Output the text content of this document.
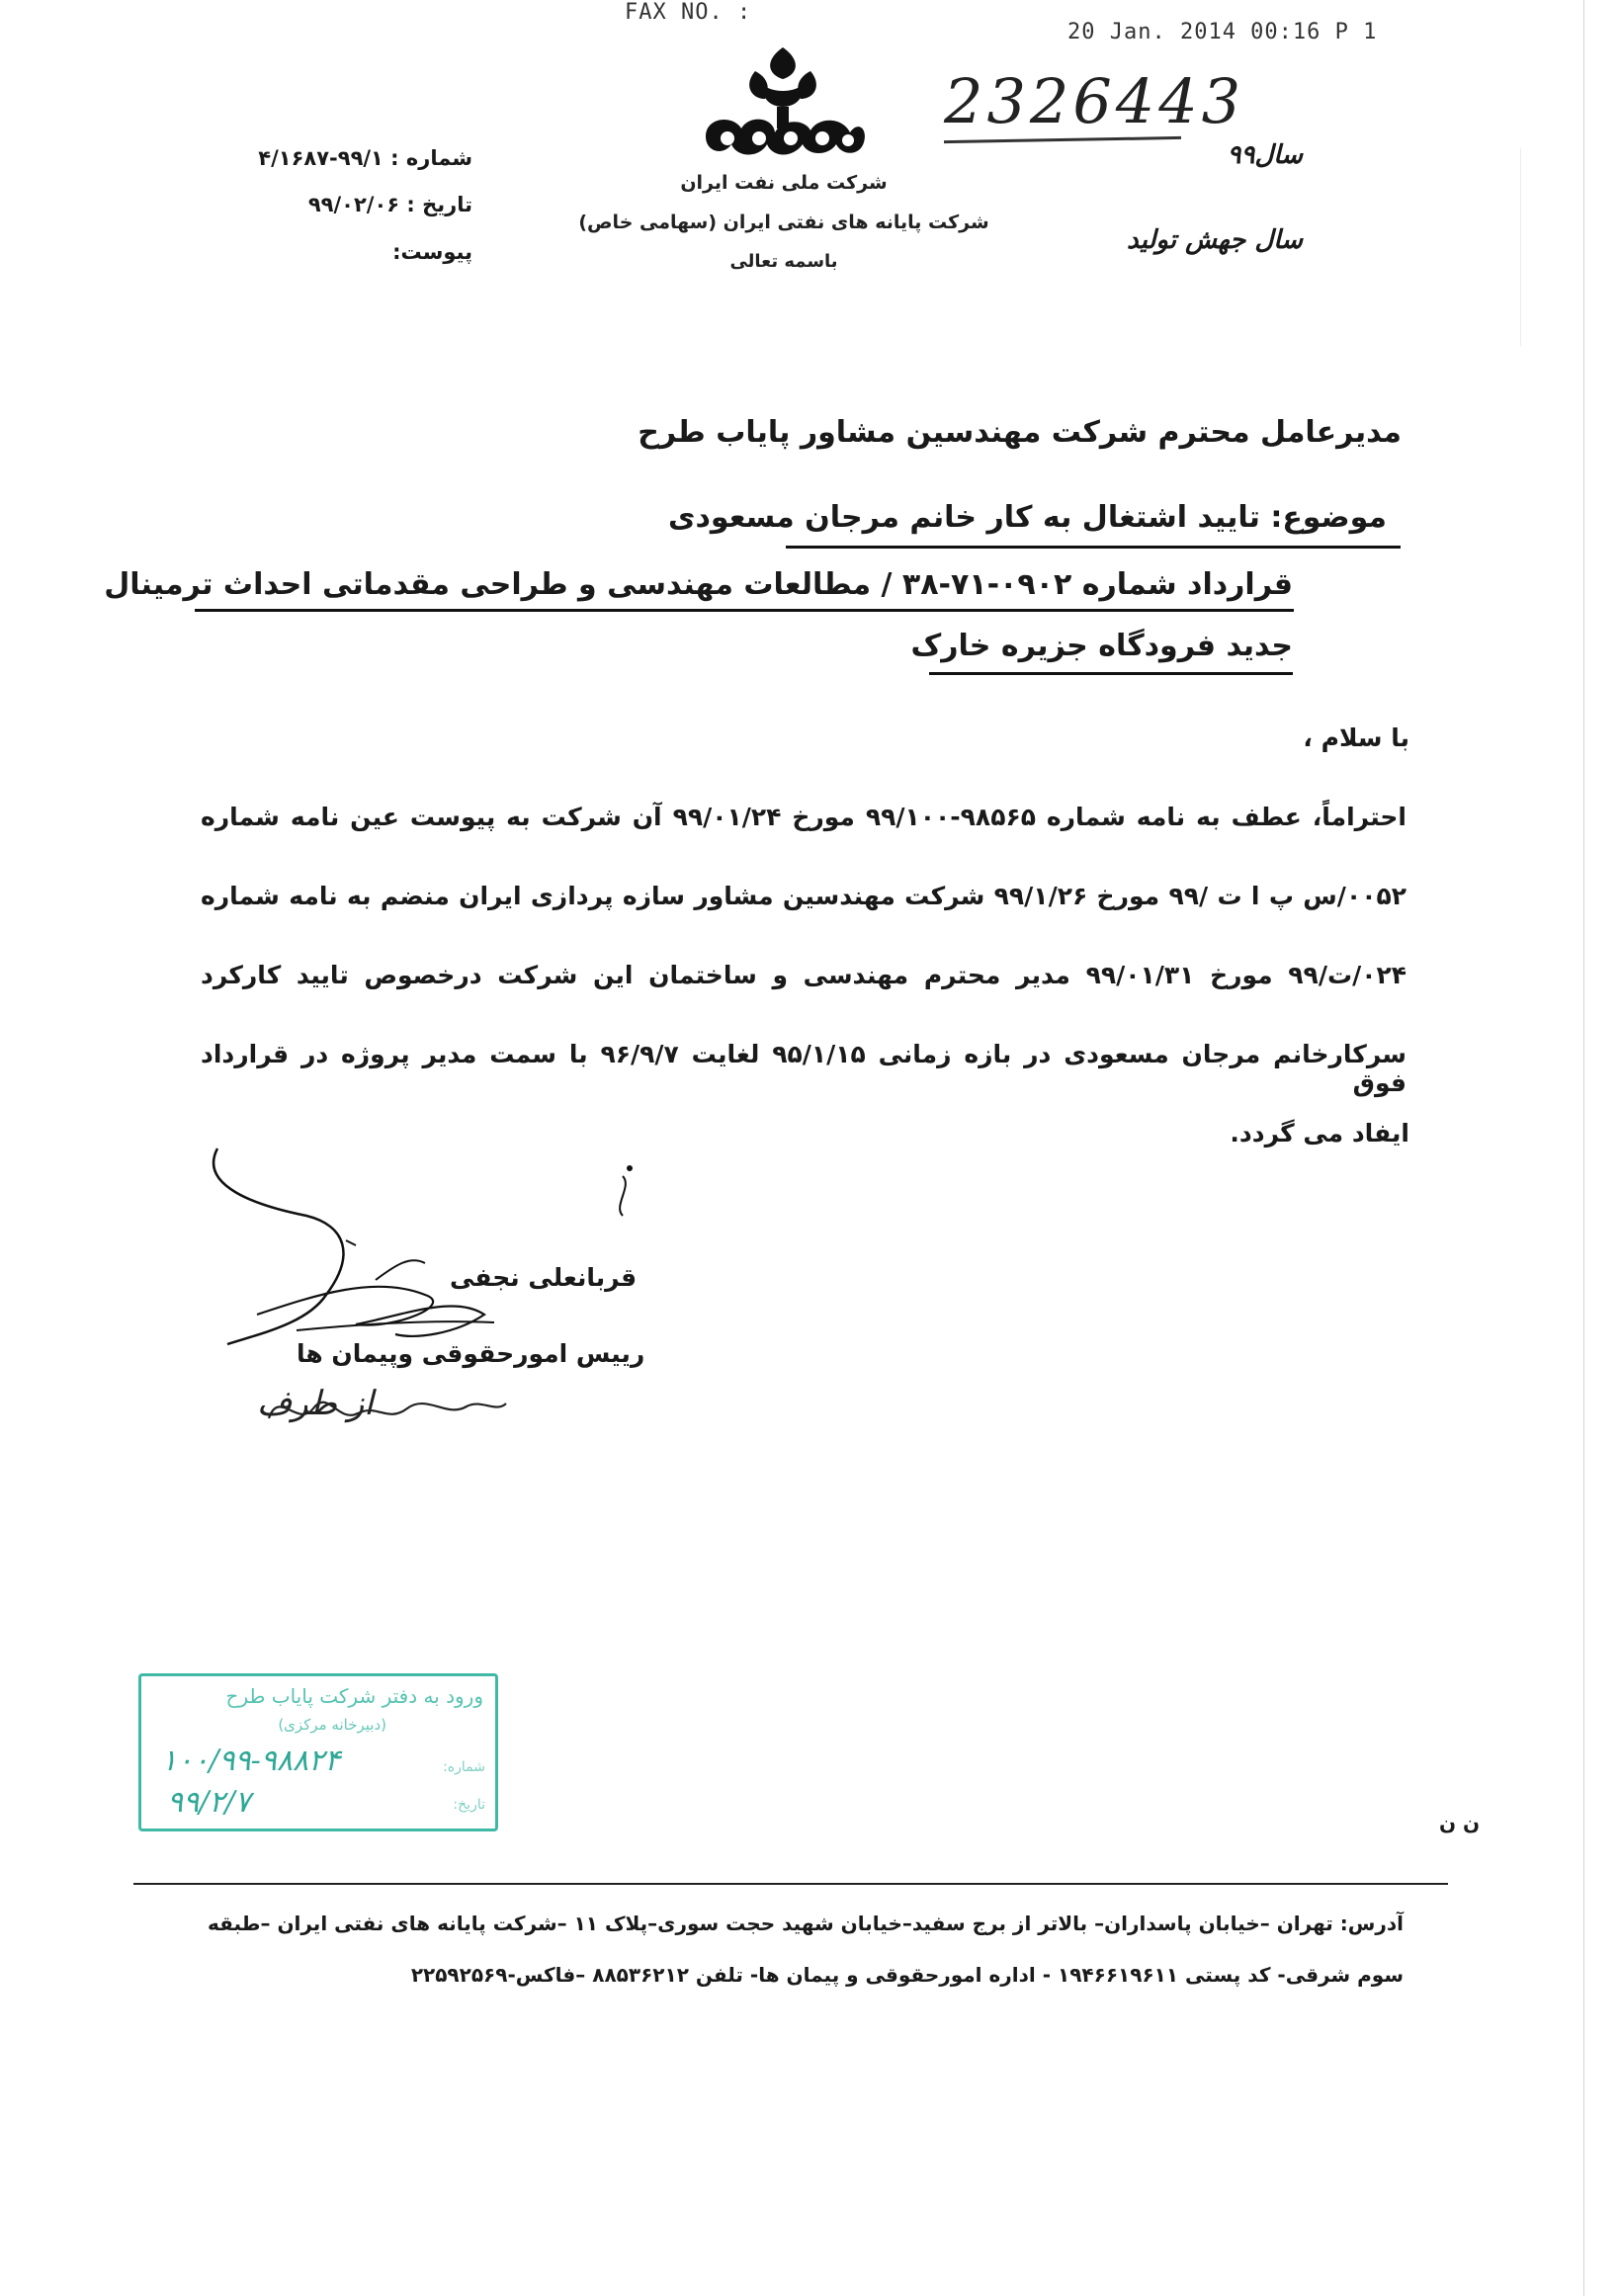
FAX NO. :
20 Jan. 2014 00:16 P 1
2326443
شرکت ملی نفت ایران
شرکت پایانه های نفتی ایران (سهامی خاص)
باسمه تعالی
شماره : ۹۹/۱-۴/۱۶۸۷
تاریخ : ۹۹/۰۲/۰۶
پیوست:
سال۹۹
سال جهش تولید
مدیرعامل محترم شرکت مهندسین مشاور پایاب طرح
موضوع: تایید اشتغال به کار خانم مرجان مسعودی
قرارداد شماره ۰۹۰۲-۷۱-۳۸ / مطالعات مهندسی و طراحی مقدماتی احداث ترمینال
جدید فرودگاه جزیره خارک
با سلام ،
احتراماً، عطف به نامه شماره ۹۸۵۶۵-۹۹/۱۰۰ مورخ ۹۹/۰۱/۲۴ آن شرکت به پیوست عین نامه شماره
۰۰۵۲/س پ ا ت /۹۹ مورخ ۹۹/۱/۲۶ شرکت مهندسین مشاور سازه پردازی ایران منضم به نامه شماره
۰۲۴/ت/۹۹ مورخ ۹۹/۰۱/۳۱ مدیر محترم مهندسی و ساختمان این شرکت درخصوص تایید کارکرد
سرکارخانم مرجان مسعودی در بازه زمانی ۹۵/۱/۱۵ لغایت ۹۶/۹/۷ با سمت مدیر پروژه در قرارداد فوق
ایفاد می گردد.
قربانعلی نجفی
رییس امورحقوقی وپیمان ها
از طرف
ورود به دفتر شرکت پایاب طرح
(دبیرخانه مرکزی)
شماره:
۱۰۰/۹۹-۹۸۸۲۴
تاریخ:
۹۹/۲/۷
ن ن
آدرس: تهران –خیابان پاسداران– بالاتر از برج سفید–خیابان شهید حجت سوری–پلاک ۱۱ –شرکت پایانه های نفتی ایران –طبقه
سوم شرقی- کد پستی ۱۹۴۶۶۱۹۶۱۱ - اداره امورحقوقی و پیمان ها- تلفن ۸۸۵۳۶۲۱۲ –فاکس-۲۲۵۹۲۵۶۹
